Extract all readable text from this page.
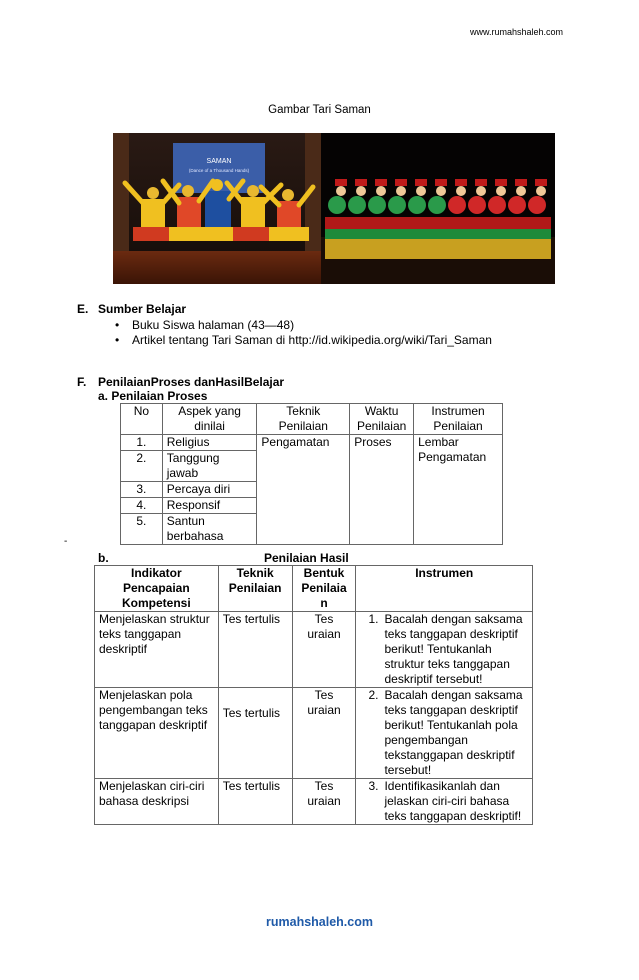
www.rumahshaleh.com
Gambar Tari Saman
SAMAN
(Dance of a Thousand Hands)
E. Sumber Belajar
• Buku Siswa halaman (43—48)
• Artikel tentang Tari Saman di http://id.wikipedia.org/wiki/Tari_Saman
F. PenilaianProses danHasilBelajar
a. Penilaian Proses
No	Aspek yang dinilai	Teknik Penilaian	Waktu Penilaian	Instrumen Penilaian
1.	Religius	Pengamatan	Proses	Lembar Pengamatan
2.	Tanggung jawab			
3.	Percaya diri			
4.	Responsif			
5.	Santun berbahasa			
-
b.	Penilaian Hasil
Indikator Pencapaian Kompetensi	Teknik Penilaian	Bentuk Penilaia n	Instrumen
Menjelaskan struktur teks tanggapan deskriptif	Tes tertulis	Tes uraian	1. Bacalah dengan saksama teks tanggapan deskriptif berikut! Tentukanlah struktur teks tanggapan deskriptif tersebut!

Menjelaskan pola pengembangan teks tanggapan deskriptif	Tes tertulis	Tes uraian	2. Bacalah dengan saksama teks tanggapan deskriptif berikut! Tentukanlah pola pengembangan tekstanggapan deskriptif tersebut!

Menjelaskan ciri-ciri bahasa deskripsi	Tes tertulis	Tes uraian	3. Identifikasikanlah dan jelaskan ciri-ciri bahasa teks tanggapan deskriptif!
rumahshaleh.com
